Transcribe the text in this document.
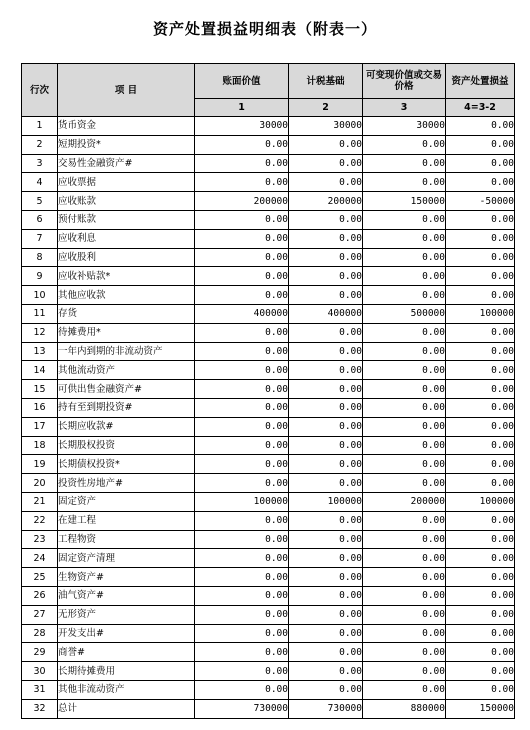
资产处置损益明细表（附表一）
行次	项 目	账面价值	计税基础	可变现价值或交易价格	资产处置损益
		1	2	3	4=3-2
1	货币资金	30000	30000	30000	0.00
2	短期投资*	0.00	0.00	0.00	0.00
3	交易性金融资产#	0.00	0.00	0.00	0.00
4	应收票据	0.00	0.00	0.00	0.00
5	应收账款	200000	200000	150000	-50000
6	预付账款	0.00	0.00	0.00	0.00
7	应收利息	0.00	0.00	0.00	0.00
8	应收股利	0.00	0.00	0.00	0.00
9	应收补贴款*	0.00	0.00	0.00	0.00
10	其他应收款	0.00	0.00	0.00	0.00
11	存货	400000	400000	500000	100000
12	待摊费用*	0.00	0.00	0.00	0.00
13	一年内到期的非流动资产	0.00	0.00	0.00	0.00
14	其他流动资产	0.00	0.00	0.00	0.00
15	可供出售金融资产#	0.00	0.00	0.00	0.00
16	持有至到期投资#	0.00	0.00	0.00	0.00
17	长期应收款#	0.00	0.00	0.00	0.00
18	长期股权投资	0.00	0.00	0.00	0.00
19	长期债权投资*	0.00	0.00	0.00	0.00
20	投资性房地产#	0.00	0.00	0.00	0.00
21	固定资产	100000	100000	200000	100000
22	在建工程	0.00	0.00	0.00	0.00
23	工程物资	0.00	0.00	0.00	0.00
24	固定资产清理	0.00	0.00	0.00	0.00
25	生物资产#	0.00	0.00	0.00	0.00
26	油气资产#	0.00	0.00	0.00	0.00
27	无形资产	0.00	0.00	0.00	0.00
28	开发支出#	0.00	0.00	0.00	0.00
29	商誉#	0.00	0.00	0.00	0.00
30	长期待摊费用	0.00	0.00	0.00	0.00
31	其他非流动资产	0.00	0.00	0.00	0.00
32	总计	730000	730000	880000	150000
